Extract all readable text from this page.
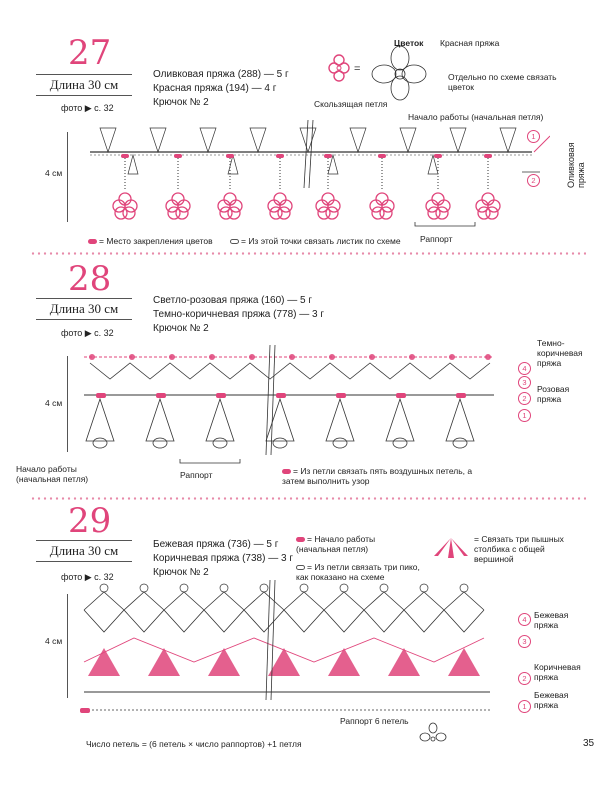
27
Длина 30 см
фото ▶ с. 32
Оливковая пряжа (288) — 5 г
Красная пряжа (194) — 4 г
Крючок № 2
=
Цветок Красная пряжа
Отдельно по схеме связать цветок
Скользящая петля
Начало работы (начальная петля)
4 см
1
2	Оливковая пряжа
Раппорт
= Место закрепления цветов	= Из этой точки связать листик по схеме
28
Длина 30 см
фото ▶ с. 32
Светло-розовая пряжа (160) — 5 г
Темно-коричневая пряжа (778) — 3 г
Крючок № 2
4 см
4
3
2
1
Темно-коричневая пряжа
Розовая пряжа
Начало работы (начальная петля)	Раппорт	= Из петли связать пять воздушных петель, а затем выполнить узор
29
Длина 30 см
фото ▶ с. 32
Бежевая пряжа (736) — 5 г
Коричневая пряжа (738) — 3 г
Крючок № 2
= Начало работы (начальная петля)
= Из петли связать три пико, как показано на схеме
= Связать три пышных столбика с общей вершиной
4 см
4
3
2
1
Бежевая пряжа
Коричневая пряжа
Бежевая пряжа
Раппорт 6 петель
Число петель = (6 петель × число раппортов) +1 петля	35
